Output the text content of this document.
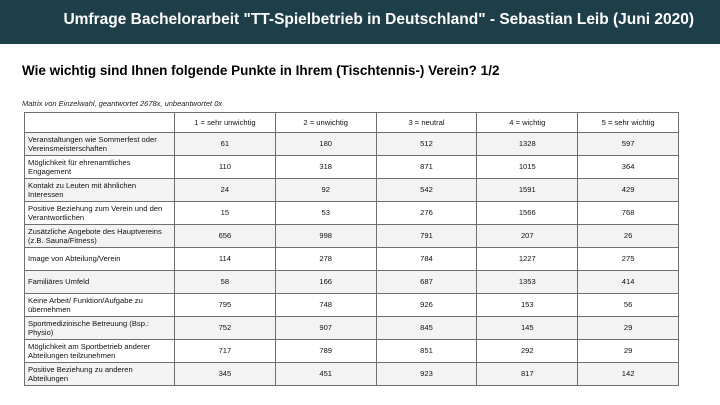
Umfrage Bachelorarbeit "TT-Spielbetrieb in Deutschland" - Sebastian Leib (Juni 2020)
Wie wichtig sind Ihnen folgende Punkte in Ihrem (Tischtennis-) Verein? 1/2
Matrix von Einzelwahl, geantwortet 2678x, unbeantwortet 0x
	1 = sehr unwichtig	2 = unwichtig	3 = neutral	4 = wichtig	5 = sehr wichtig
Veranstaltungen wie Sommerfest oder Vereinsmeisterschaften	61	180	512	1328	597
Möglichkeit für ehrenamtliches Engagement	110	318	871	1015	364
Kontakt zu Leuten mit ähnlichen Interessen	24	92	542	1591	429
Positive Beziehung zum Verein und den Verantwortlichen	15	53	276	1566	768
Zusätzliche Angebote des Hauptvereins (z.B. Sauna/Fitness)	656	998	791	207	26
Image von Abteilung/Verein	114	278	784	1227	275
Familiäres Umfeld	58	166	687	1353	414
Keine Arbeit/ Funktion/Aufgabe zu übernehmen	795	748	926	153	56
Sportmedizinische Betreuung (Bsp.: Physio)	752	907	845	145	29
Möglichkeit am Sportbetrieb anderer Abteilungen teilzunehmen	717	789	851	292	29
Positive Beziehung zu anderen Abteilungen	345	451	923	817	142
